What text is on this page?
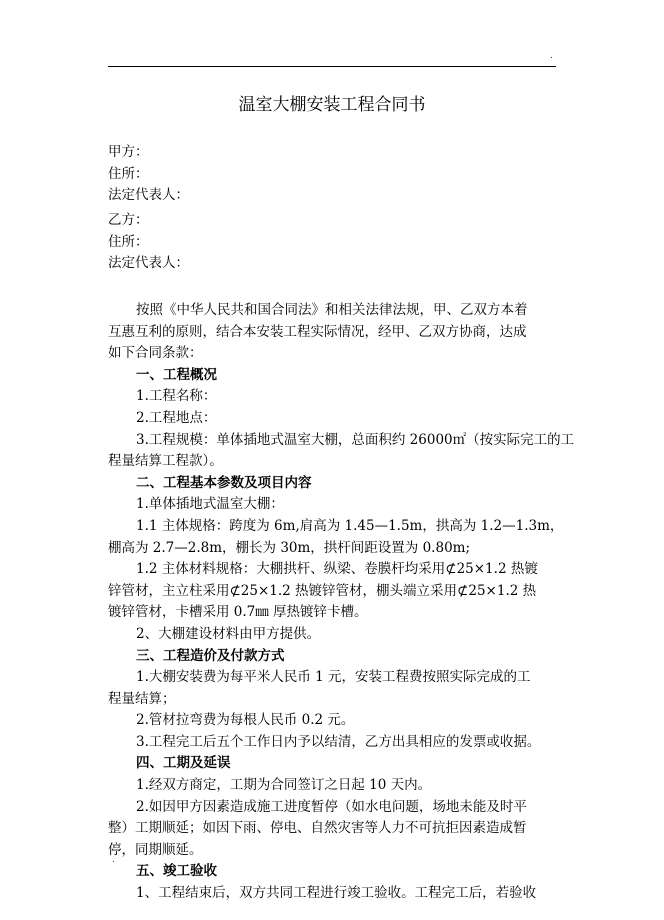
.
温室大棚安装工程合同书
甲方：
住所：
法定代表人：
乙方：
住所：
法定代表人：
按照《中华人民共和国合同法》和相关法律法规，甲、乙双方本着
互惠互利的原则，结合本安装工程实际情况，经甲、乙双方协商，达成
如下合同条款：
一、工程概况
1.工程名称：
2.工程地点：
3.工程规模：单体插地式温室大棚，总面积约 26000㎡（按实际完工的工
程量结算工程款）。
二、工程基本参数及项目内容
1.单体插地式温室大棚：
1.1 主体规格：跨度为 6m,肩高为 1.45—1.5m，拱高为 1.2—1.3m，
棚高为 2.7—2.8m，棚长为 30m，拱杆间距设置为 0.80m;
1.2 主体材料规格：大棚拱杆、纵梁、卷膜杆均采用⊄25×1.2 热镀
锌管材，主立柱采用⊄25×1.2 热镀锌管材，棚头端立采用⊄25×1.2 热
镀锌管材，卡槽采用 0.7㎜ 厚热镀锌卡槽。
2、大棚建设材料由甲方提供。
三、工程造价及付款方式
1.大棚安装费为每平米人民币 1 元，安装工程费按照实际完成的工
程量结算；
2.管材拉弯费为每根人民币 0.2 元。
3.工程完工后五个工作日内予以结清，乙方出具相应的发票或收据。
四、工期及延误
1.经双方商定，工期为合同签订之日起 10 天内。
2.如因甲方因素造成施工进度暂停（如水电问题，场地未能及时平
整）工期顺延；如因下雨、停电、自然灾害等人力不可抗拒因素造成暂
停，同期顺延。
五、竣工验收
1、工程结束后，双方共同工程进行竣工验收。工程完工后，若验收
.
